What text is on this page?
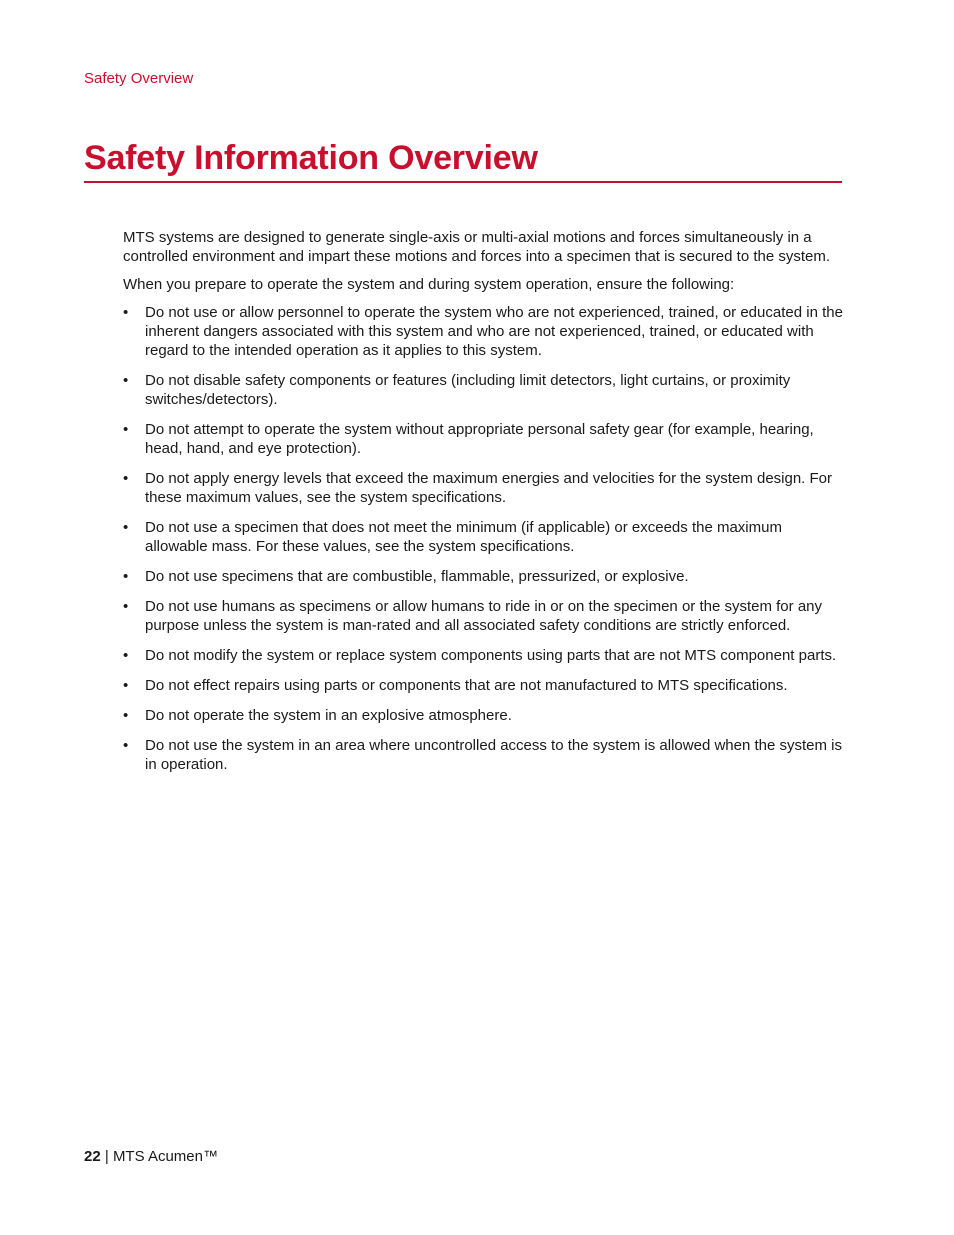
Safety Overview
Safety Information Overview

MTS systems are designed to generate single-axis or multi-axial motions and forces simultaneously in a controlled environment and impart these motions and forces into a specimen that is secured to the system.

When you prepare to operate the system and during system operation, ensure the following:

•	Do not use or allow personnel to operate the system who are not experienced, trained, or educated in the inherent dangers associated with this system and who are not experienced, trained, or educated with regard to the intended operation as it applies to this system.
•	Do not disable safety components or features (including limit detectors, light curtains, or proximity switches/detectors).
•	Do not attempt to operate the system without appropriate personal safety gear (for example, hearing, head, hand, and eye protection).
•	Do not apply energy levels that exceed the maximum energies and velocities for the system design. For these maximum values, see the system specifications.
•	Do not use a specimen that does not meet the minimum (if applicable) or exceeds the maximum allowable mass. For these values, see the system specifications.
•	Do not use specimens that are combustible, flammable, pressurized, or explosive.
•	Do not use humans as specimens or allow humans to ride in or on the specimen or the system for any purpose unless the system is man-rated and all associated safety conditions are strictly enforced.
•	Do not modify the system or replace system components using parts that are not MTS component parts.
•	Do not effect repairs using parts or components that are not manufactured to MTS specifications.
•	Do not operate the system in an explosive atmosphere.
•	Do not use the system in an area where uncontrolled access to the system is allowed when the system is in operation.
22 | MTS Acumen™
